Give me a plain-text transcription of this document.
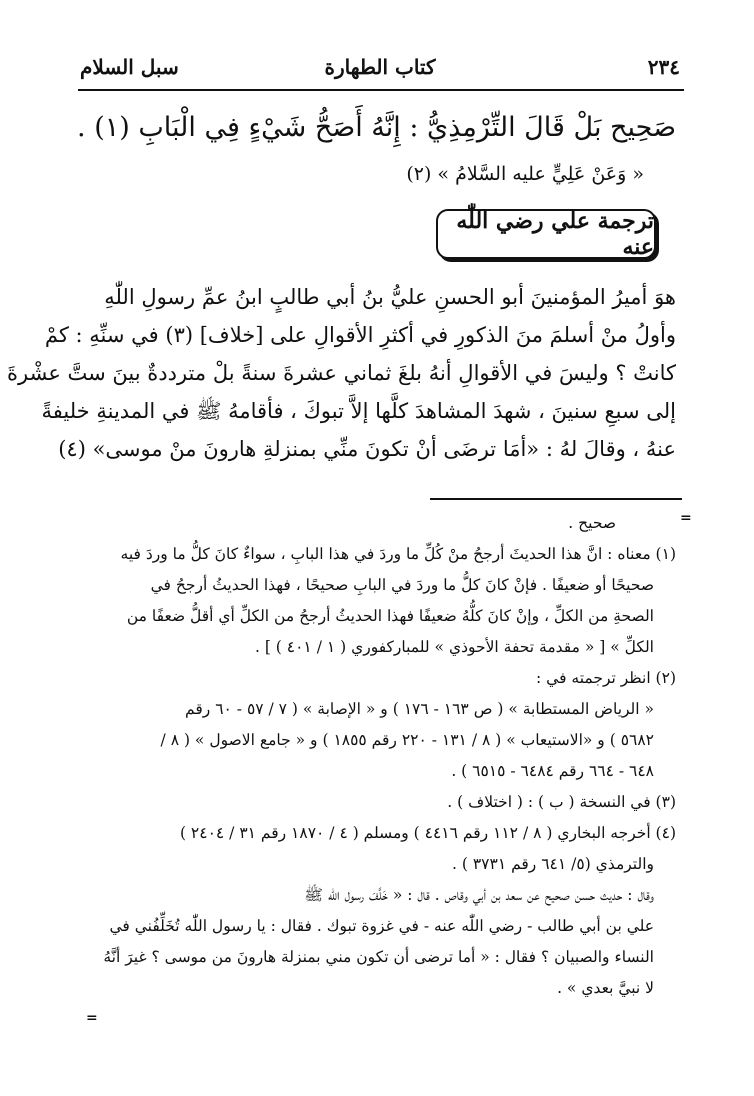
سبل السلام	كتاب الطهارة	٢٣٤
صَحِيح بَلْ قَالَ التِّرْمِذِيُّ : إِنَّهُ أَصَحُّ شَيْءٍ فِي الْبَابِ (١) .
« وَعَنْ عَلِيٍّ عليه السَّلامُ » (٢)
ترجمة علي رضي اللّٰه عنه
هوَ أميرُ المؤمنينَ أبو الحسنِ عليُّ بنُ أبي طالبٍ ابنُ عمِّ رسولِ اللّٰهِ
وأولُ منْ أسلمَ منَ الذكورِ في أكثرِ الأقوالِ على [خلاف] (٣) في سنِّهِ : كمْ
كانتْ ؟ وليسَ في الأقوالِ أنهُ بلغَ ثماني عشرةَ سنةً بلْ مترددةٌ بينَ ستَّ عشْرةَ
إلى سبعِ سنينَ ، شهدَ المشاهدَ كلَّها إلاَّ تبوكَ ، فأقامهُ ﷺ في المدينةِ خليفةً
عنهُ ، وقالَ لهُ : «أمَا ترضَى أنْ تكونَ منِّي بمنزلةِ هارونَ منْ موسى» (٤)
=
صحيح .
(١) معناه : انَّ هذا الحديثَ أرجحُ منْ كُلِّ ما وردَ في هذا البابِ ، سواءٌ كانَ كلُّ ما وردَ فيه
صحيحًا أو ضعيفًا . فإنْ كانَ كلُّ ما وردَ في البابِ صحيحًا ، فهذا الحديثُ أرجحُ في
الصحةِ من الكلِّ ، وإنْ كانَ كلُّهُ ضعيفًا فهذا الحديثُ أرجحُ من الكلِّ أي أقلُّ ضعفًا من
الكلِّ » [ « مقدمة تحفة الأحوذي » للمباركفوري ( ١ / ٤٠١ ) ] .
(٢) انظر ترجمته في :
« الرياض المستطابة » ( ص ١٦٣ - ١٧٦ ) و « الإصابة » ( ٧ / ٥٧ - ٦٠ رقم
٥٦٨٢ ) و «الاستيعاب » ( ٨ / ١٣١ - ٢٢٠ رقم ١٨٥٥ ) و « جامع الاصول » ( ٨ /
٦٤٨ - ٦٦٤ رقم ٦٤٨٤ - ٦٥١٥ ) .
(٣) في النسخة ( ب ) : ( اختلاف ) .
(٤) أخرجه البخاري ( ٨ / ١١٢ رقم ٤٤١٦ ) ومسلم ( ٤ / ١٨٧٠ رقم ٣١ / ٢٤٠٤ )
والترمذي (٥/ ٦٤١ رقم ٣٧٣١ ) .
وقال : حديث حسن صحيح عن سعد بن أبي وقاص . قال : « خَلَّفَ رسول اللّٰه ﷺ
علي بن أبي طالب - رضي اللّٰه عنه - في غزوة تبوك . فقال : يا رسول اللّٰه تُخَلِّفُني في
النساء والصبيان ؟ فقال : « أما ترضى أن تكون مني بمنزلة هارونَ من موسى ؟ غيرَ أنَّهُ
لا نبيَّ بعدي » .
=
